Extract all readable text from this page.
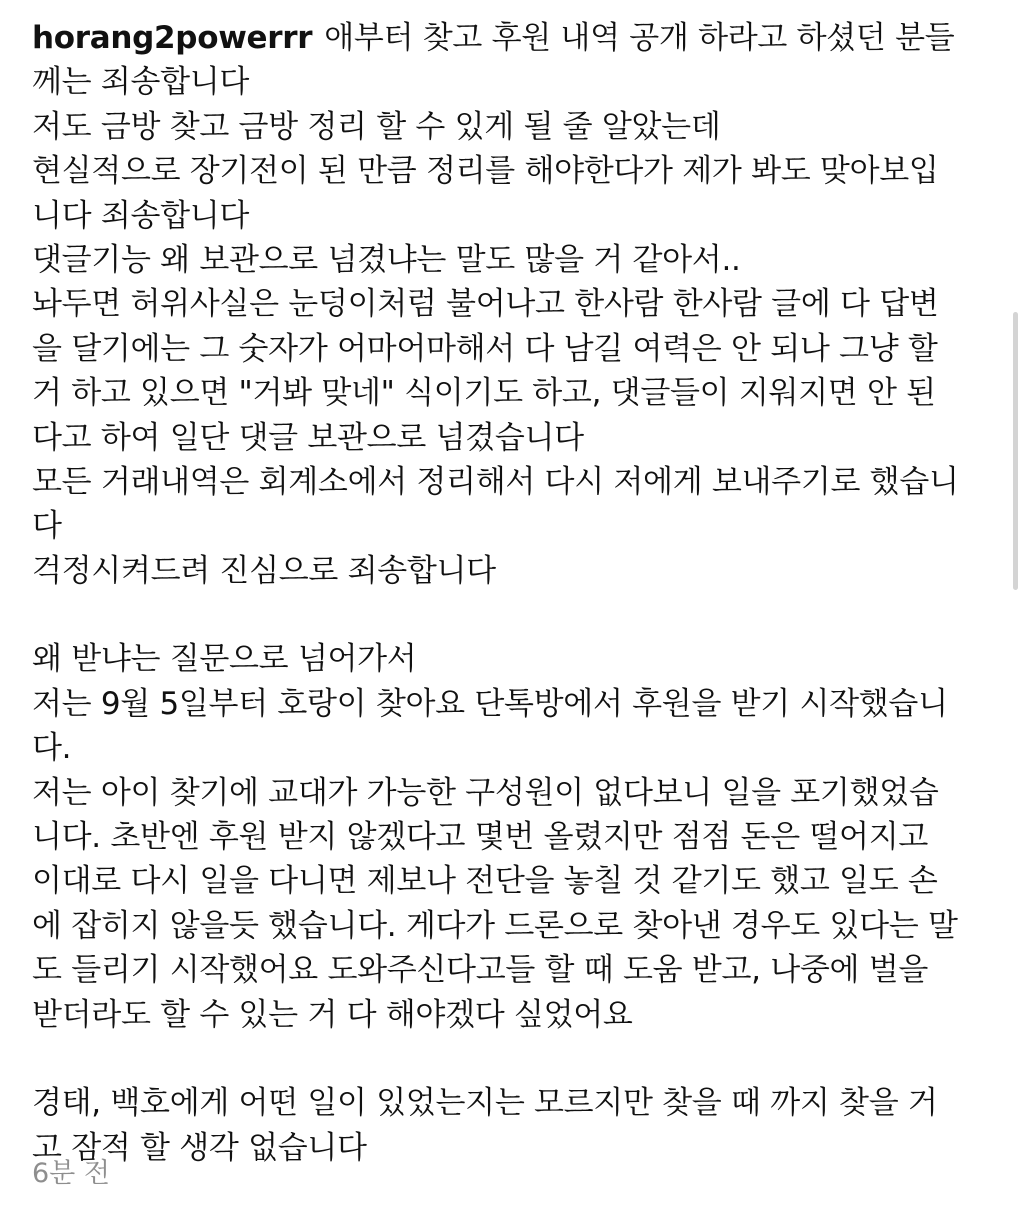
horang2powerrr 애부터 찾고 후원 내역 공개 하라고 하셨던 분들
께는 죄송합니다
저도 금방 찾고 금방 정리 할 수 있게 될 줄 알았는데
현실적으로 장기전이 된 만큼 정리를 해야한다가 제가 봐도 맞아보입
니다 죄송합니다
댓글기능 왜 보관으로 넘겼냐는 말도 많을 거 같아서..
놔두면 허위사실은 눈덩이처럼 불어나고 한사람 한사람 글에 다 답변
을 달기에는 그 숫자가 어마어마해서 다 남길 여력은 안 되나 그냥 할
거 하고 있으면 "거봐 맞네" 식이기도 하고, 댓글들이 지워지면 안 된
다고 하여 일단 댓글 보관으로 넘겼습니다
모든 거래내역은 회계소에서 정리해서 다시 저에게 보내주기로 했습니
다
걱정시켜드려 진심으로 죄송합니다
왜 받냐는 질문으로 넘어가서
저는 9월 5일부터 호랑이 찾아요 단톡방에서 후원을 받기 시작했습니
다.
저는 아이 찾기에 교대가 가능한 구성원이 없다보니 일을 포기했었습
니다. 초반엔 후원 받지 않겠다고 몇번 올렸지만 점점 돈은 떨어지고
이대로 다시 일을 다니면 제보나 전단을 놓칠 것 같기도 했고 일도 손
에 잡히지 않을듯 했습니다. 게다가 드론으로 찾아낸 경우도 있다는 말
도 들리기 시작했어요 도와주신다고들 할 때 도움 받고, 나중에 벌을
받더라도 할 수 있는 거 다 해야겠다 싶었어요
경태, 백호에게 어떤 일이 있었는지는 모르지만 찾을 때 까지 찾을 거
고 잠적 할 생각 없습니다
6분 전
